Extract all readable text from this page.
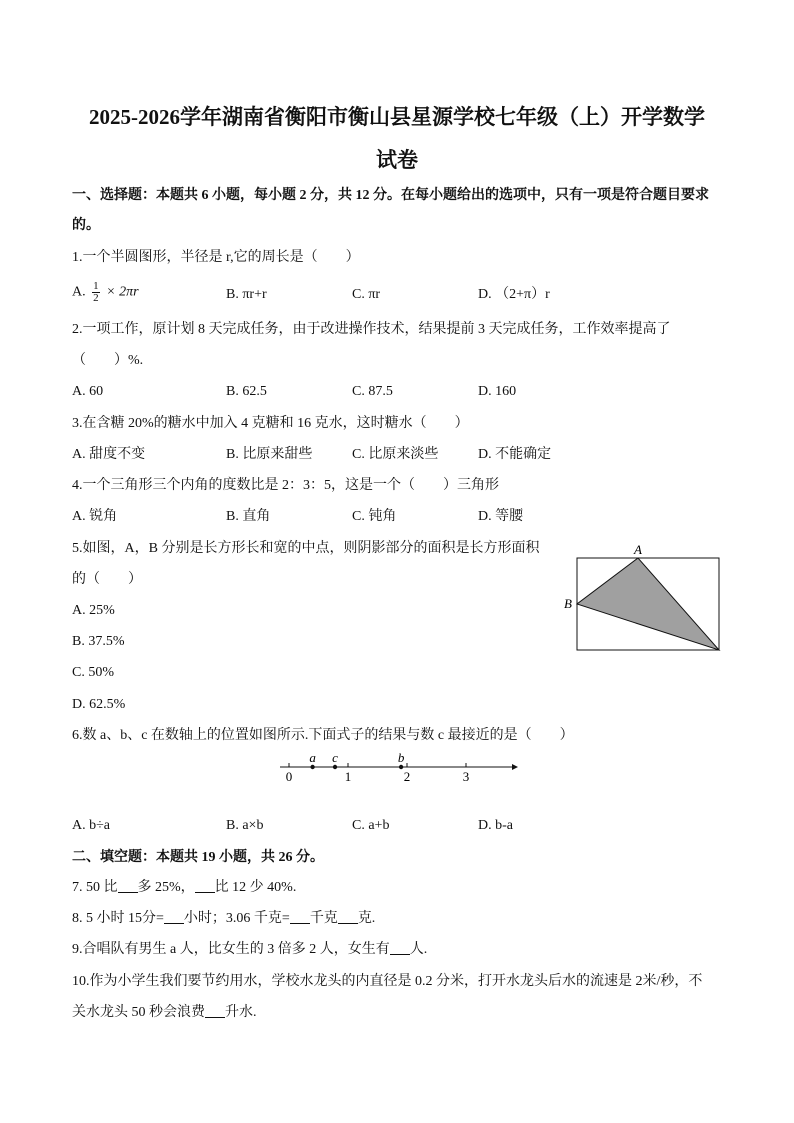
2025-2026学年湖南省衡阳市衡山县星源学校七年级（上）开学数学
试卷
一、选择题：本题共 6 小题，每小题 2 分，共 12 分。在每小题给出的选项中，只有一项是符合题目要求
的。
1.一个半圆图形，半径是 r,它的周长是（　　）
A. $\frac{1}{2} \times 2\pi r$	B. πr+r	C. πr	D. （2+π）r
2.一项工作，原计划 8 天完成任务，由于改进操作技术，结果提前 3 天完成任务，工作效率提高了
（　　）%.
A. 60	B. 62.5	C. 87.5	D. 160
3.在含糖 20%的糖水中加入 4 克糖和 16 克水，这时糖水（　　）
A. 甜度不变	B. 比原来甜些	C. 比原来淡些	D. 不能确定
4.一个三角形三个内角的度数比是 2：3：5，这是一个（　　）三角形
A. 锐角	B. 直角	C. 钝角	D. 等腰
5.如图，A，B 分别是长方形长和宽的中点，则阴影部分的面积是长方形面积
的（　　）
A. 25%
B. 37.5%
C. 50%
D. 62.5%
A
B
6.数 a、b、c 在数轴上的位置如图所示.下面式子的结果与数 c 最接近的是（　　）
0	1	2	3
a c	b
A. b÷a	B. a×b	C. a+b	D. b-a
二、填空题：本题共 19 小题，共 26 分。
7. 50 比 多 25%， 比 12 少 40%.
8. 5 小时 15分= 小时；3.06 千克= 千克 克.
9.合唱队有男生 a 人，比女生的 3 倍多 2 人，女生有 人.
10.作为小学生我们要节约用水，学校水龙头的内直径是 0.2 分米，打开水龙头后水的流速是 2米/秒，不
关水龙头 50 秒会浪费 升水.
